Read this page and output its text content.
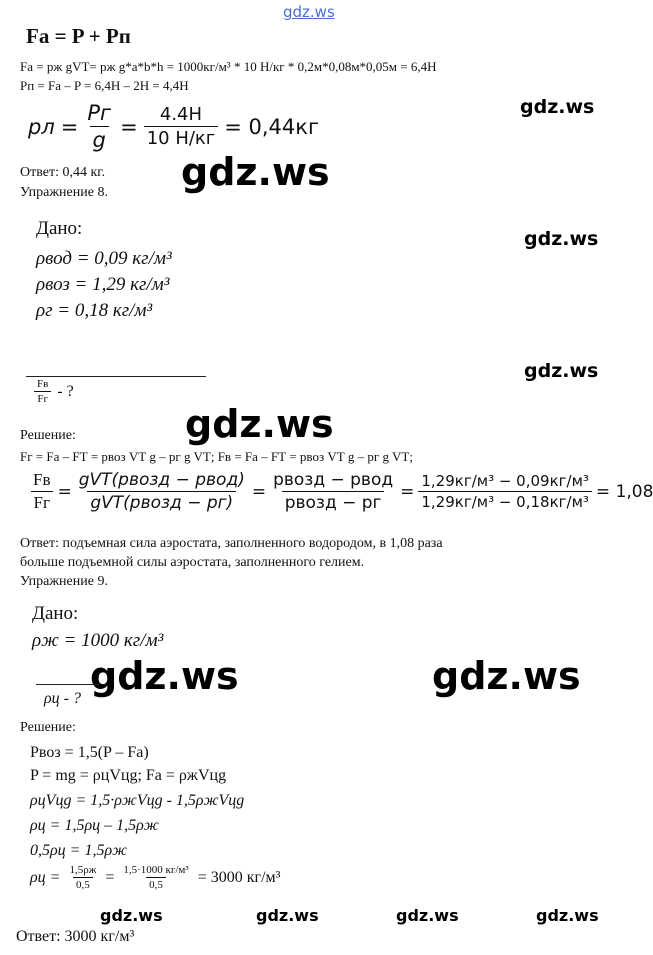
gdz.ws
gdz.ws
gdz.ws
gdz.ws
gdz.ws
gdz.ws
gdz.ws	gdz.ws
gdz.ws	gdz.ws	gdz.ws	gdz.ws
Fa = P + Pп
Fа = pж gVТ= pж g*a*b*h = 1000кг/м³ * 10 Н/кг * 0,2м*0,08м*0,05м = 6,4Н
Pп = Fа – P = 6,4Н – 2Н = 4,4Н
pл = $\frac{Pг}{g} = \frac{4.4Н}{10 Н/кг} = 0,44кг$
Ответ: 0,44 кг.
Упражнение 8.
Дано:
ρвод = 0,09 кг/м³
ρвоз = 1,29 кг/м³
ρг = 0,18 кг/м³
$\frac{Fв}{Fг}$ - ?
Решение:
Fг = Fа – FТ = pвоз VТ g – pг g VТ; Fв = Fа – FТ = pвоз VТ g – pг g VТ;
$\frac{Fв}{Fг} = \frac{\text{gVT(pвозд − pвод)}}{\text{gVT(pвозд − pг)}} = \frac{\text{pвозд − pвод}}{\text{pвозд − pг}} = \frac{\text{1,29кг/м³ − 0,09кг/м³}}{\text{1,29кг/м³ − 0,18кг/м³}} = 1,08$
Ответ: подъемная сила аэростата, заполненного водородом, в 1,08 раза
больше подъемной силы аэростата, заполненного гелием.
Упражнение 9.
Дано:
ρж = 1000 кг/м³
ρц - ?
Решение:
Pвоз = 1,5(P – Fа)
P = mg = ρцVцg; Fа = ρжVцg
ρцVцg = 1,5·ρжVцg - 1,5ρжVцg
ρц = 1,5ρц – 1,5ρж
0,5ρц = 1,5ρж
$\rho ц = \frac{1,5\rho ж}{0,5} = \frac{\text{1,5·1000 кг/м³}}{0,5} = 3000$ кг/м³
Ответ: 3000 кг/м³
